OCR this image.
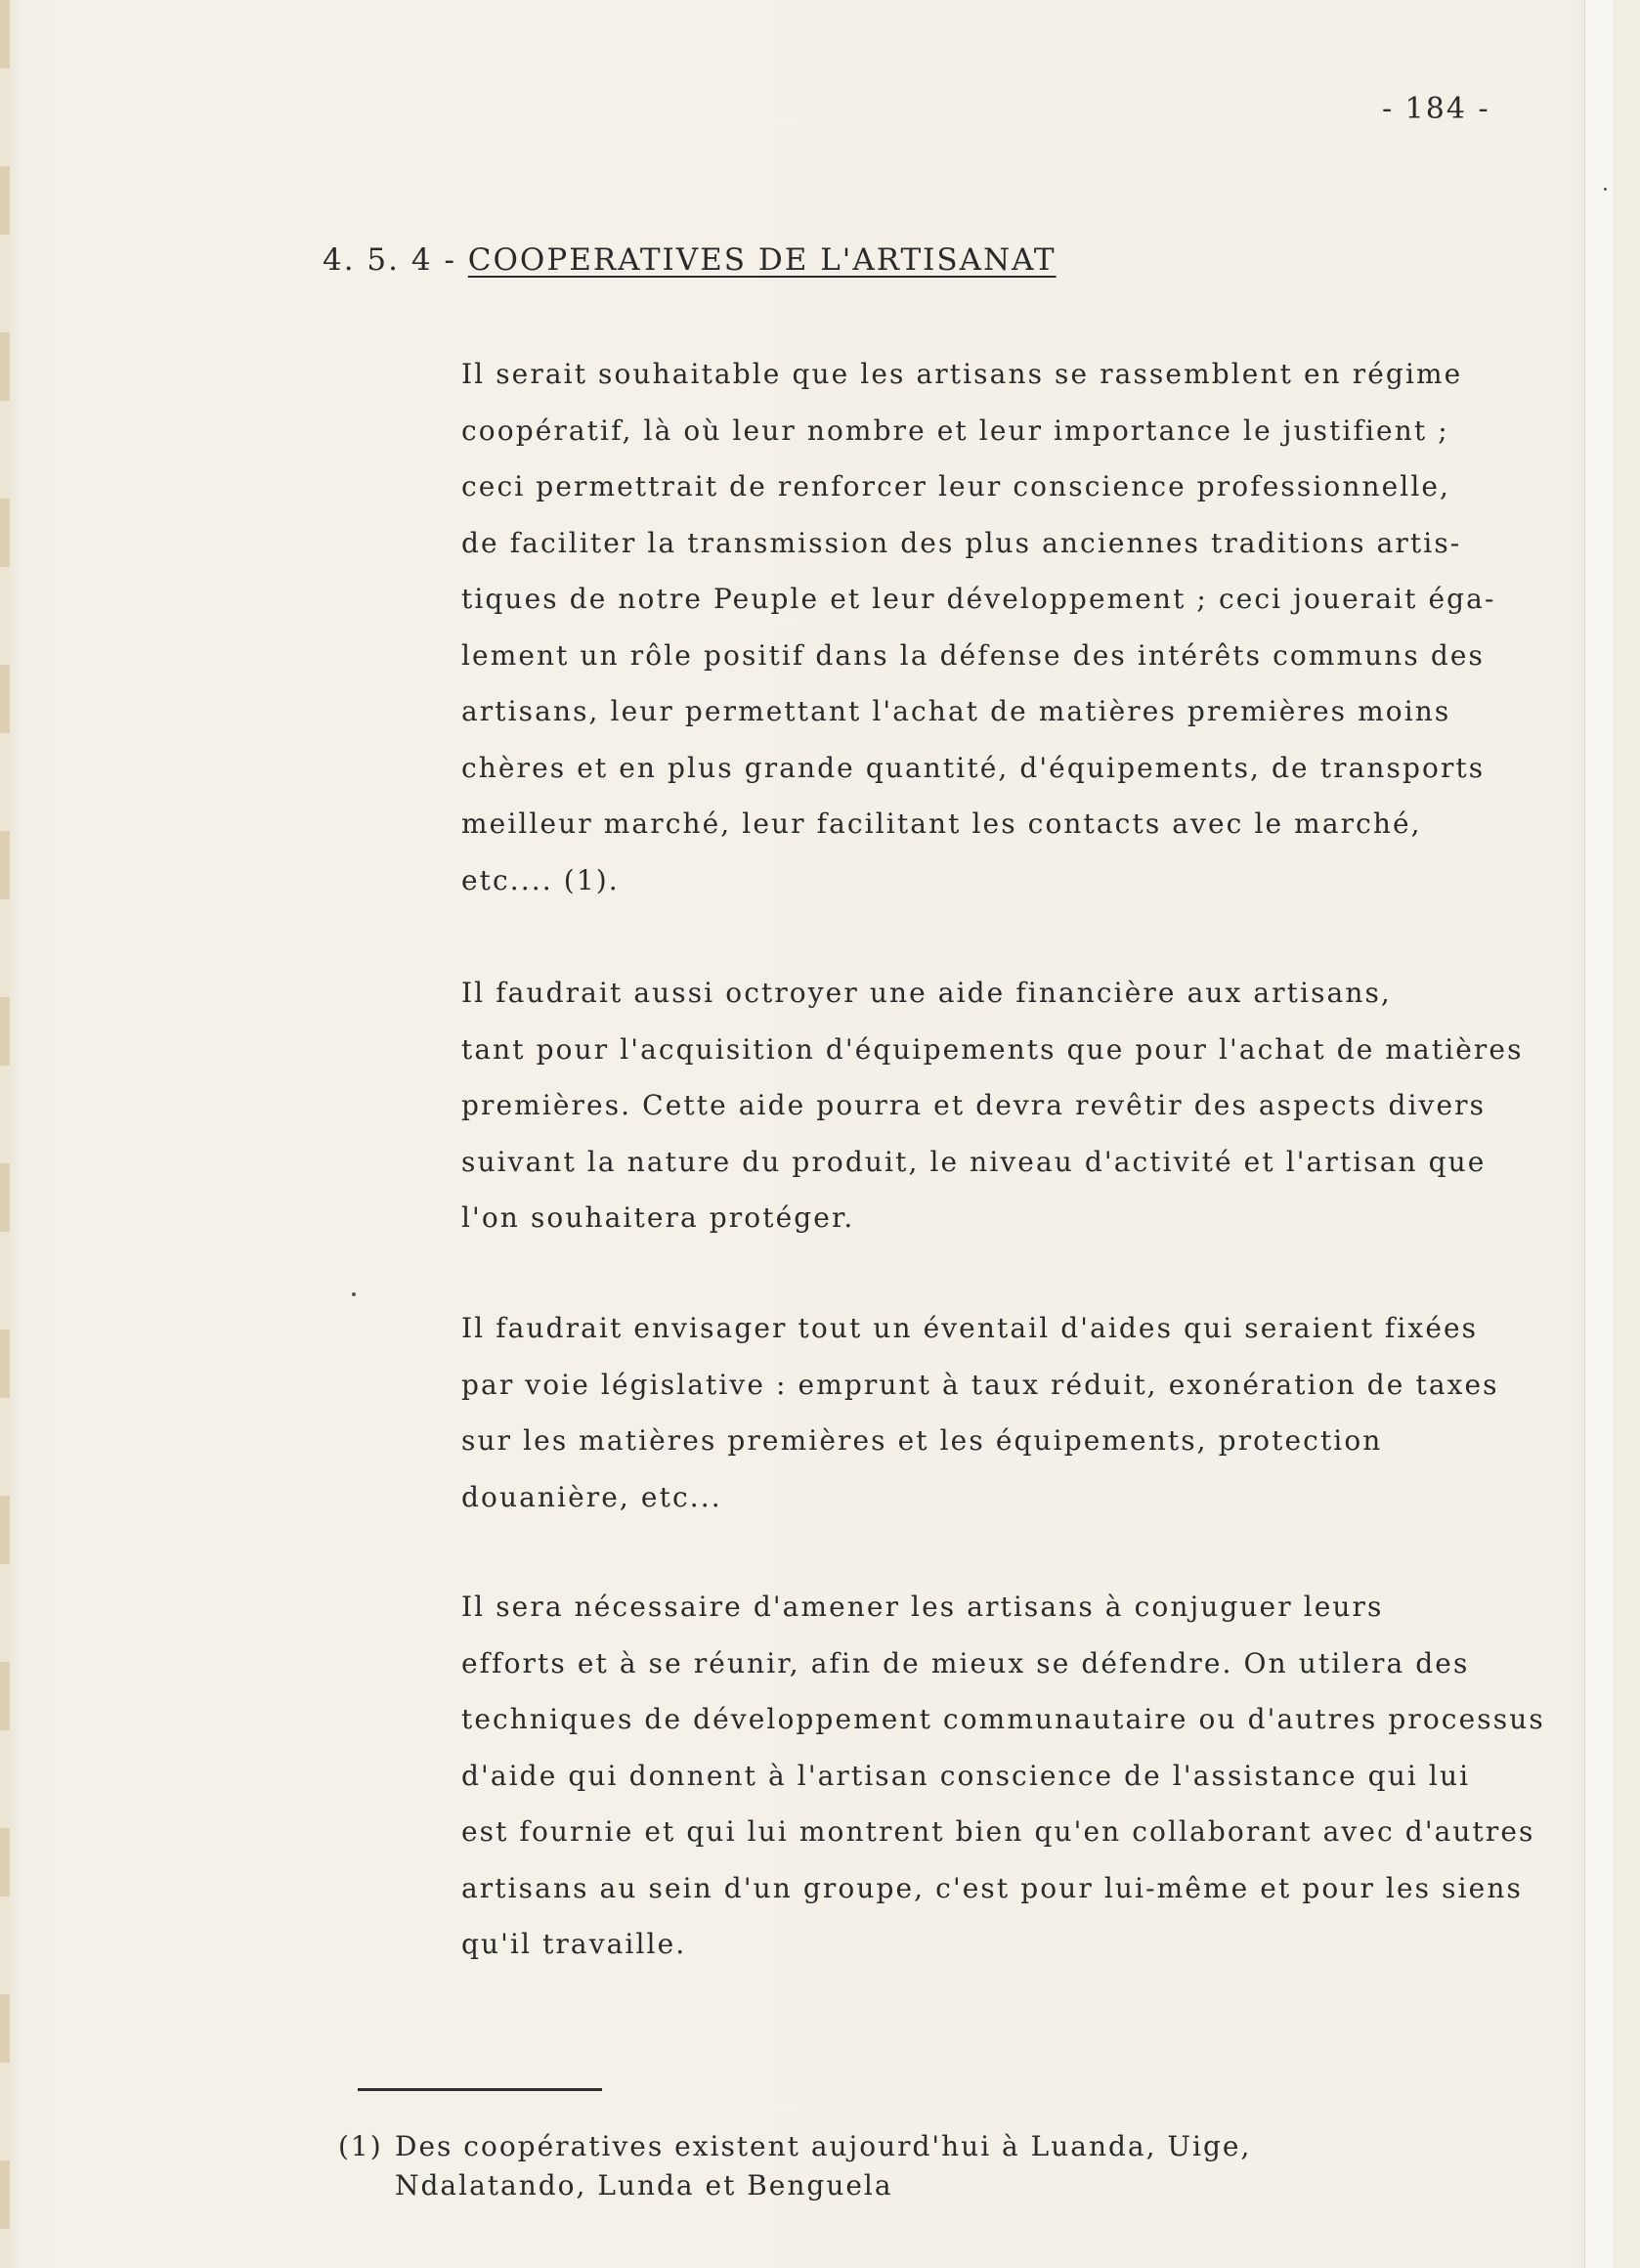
- 184 -
4. 5. 4 - COOPERATIVES DE L'ARTISANAT
Il serait souhaitable que les artisans se rassemblent en régime
coopératif, là où leur nombre et leur importance le justifient ;
ceci permettrait de renforcer leur conscience professionnelle,
de faciliter la transmission des plus anciennes traditions artis-
tiques de notre Peuple et leur développement ; ceci jouerait éga-
lement un rôle positif dans la défense des intérêts communs des
artisans, leur permettant l'achat de matières premières moins
chères et en plus grande quantité, d'équipements, de transports
meilleur marché, leur facilitant les contacts avec le marché,
etc.... (1).
Il faudrait aussi octroyer une aide financière aux artisans,
tant pour l'acquisition d'équipements que pour l'achat de matières
premières. Cette aide pourra et devra revêtir des aspects divers
suivant la nature du produit, le niveau d'activité et l'artisan que
l'on souhaitera protéger.
Il faudrait envisager tout un éventail d'aides qui seraient fixées
par voie législative : emprunt à taux réduit, exonération de taxes
sur les matières premières et les équipements, protection
douanière, etc...
Il sera nécessaire d'amener les artisans à conjuguer leurs
efforts et à se réunir, afin de mieux se défendre. On utilera des
techniques de développement communautaire ou d'autres processus
d'aide qui donnent à l'artisan conscience de l'assistance qui lui
est fournie et qui lui montrent bien qu'en collaborant avec d'autres
artisans au sein d'un groupe, c'est pour lui-même et pour les siens
qu'il travaille.
(1) Des coopératives existent aujourd'hui à Luanda, Uige,
Ndalatando, Lunda et Benguela
